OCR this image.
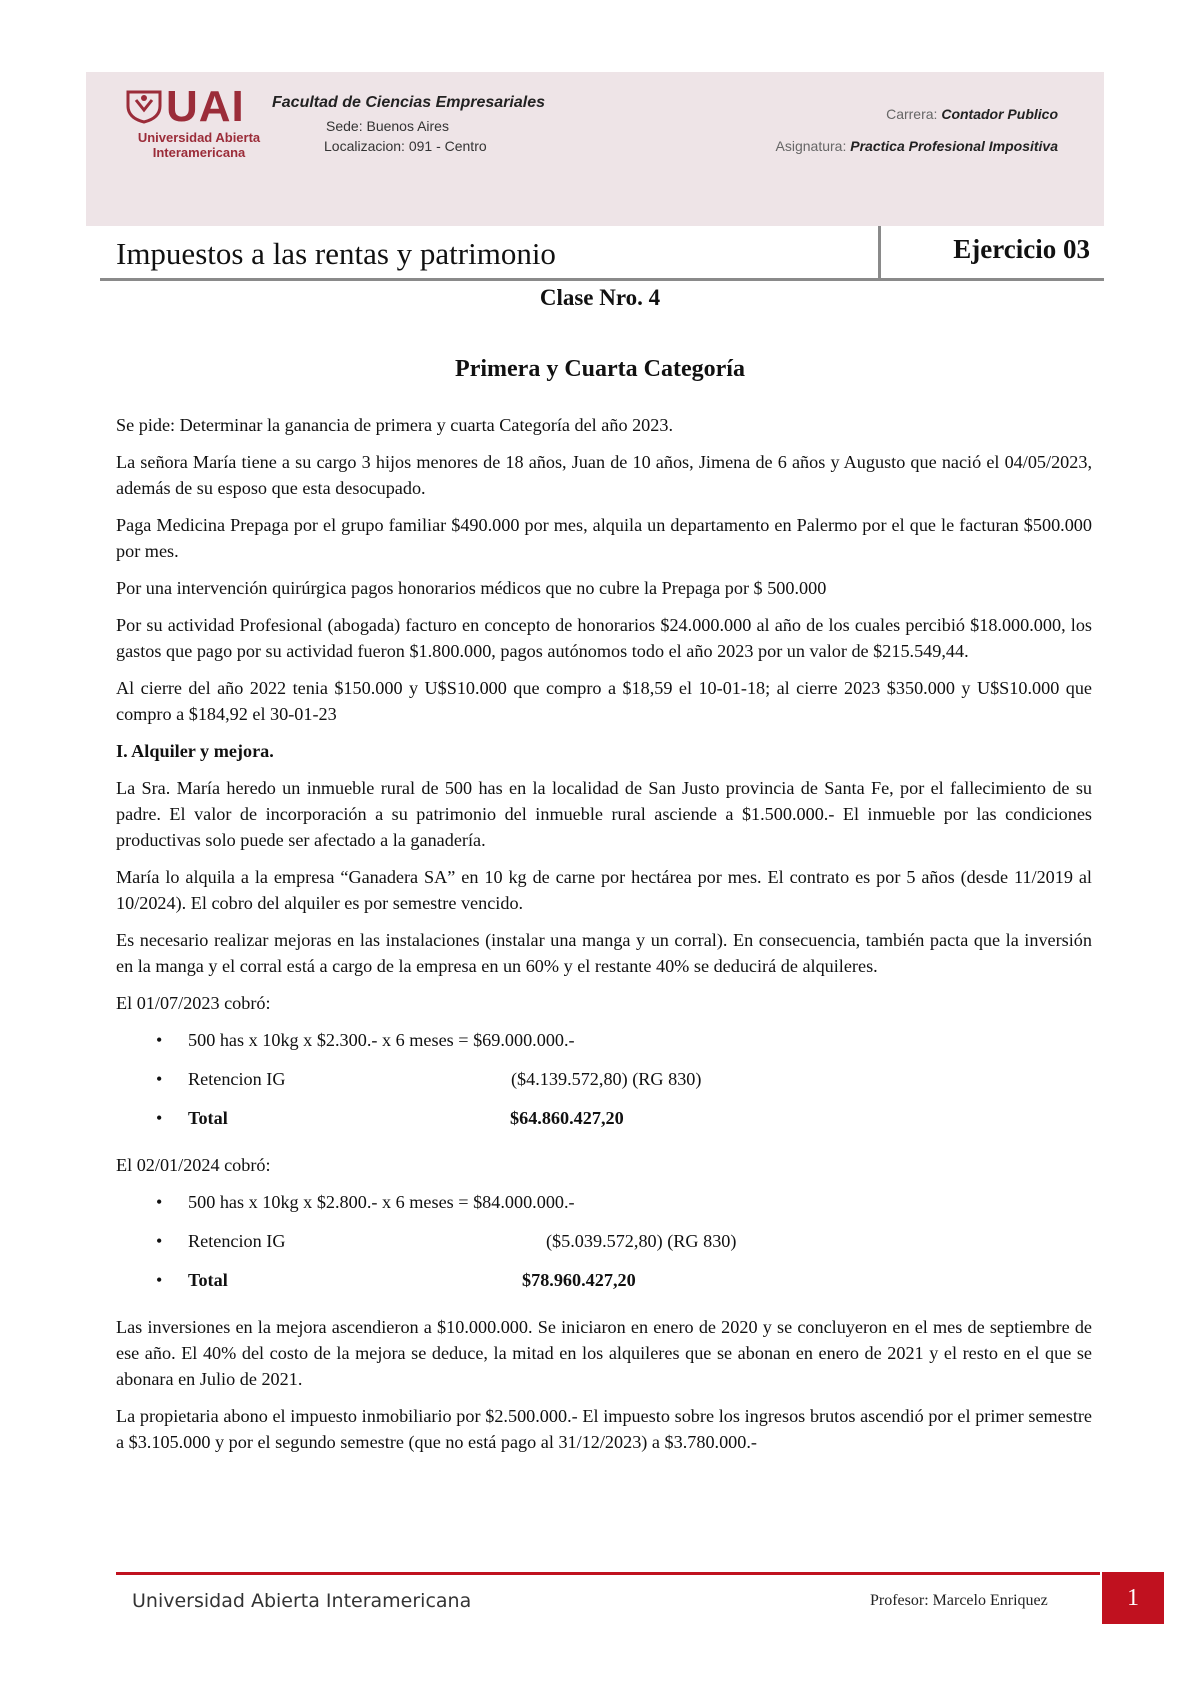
UAI
Universidad Abierta
Interamericana
Facultad de Ciencias Empresariales
Sede: Buenos Aires
Localizacion: 091 - Centro
Carrera: Contador Publico
Asignatura: Practica Profesional Impositiva
Impuestos a las rentas y patrimonio	Ejercicio 03
Clase Nro. 4
Primera y Cuarta Categoría

Se pide: Determinar la ganancia de primera y cuarta Categoría del año 2023.

La señora María tiene a su cargo 3 hijos menores de 18 años, Juan de 10 años, Jimena de 6 años y Augusto que nació el 04/05/2023, además de su esposo que esta desocupado.

Paga Medicina Prepaga por el grupo familiar $490.000 por mes, alquila un departamento en Palermo por el que le facturan $500.000 por mes.

Por una intervención quirúrgica pagos honorarios médicos que no cubre la Prepaga por $ 500.000

Por su actividad Profesional (abogada) facturo en concepto de honorarios $24.000.000 al año de los cuales percibió $18.000.000, los gastos que pago por su actividad fueron $1.800.000, pagos autónomos todo el año 2023 por un valor de $215.549,44.

Al cierre del año 2022 tenia $150.000 y U$S10.000 que compro a $18,59 el 10-01-18; al cierre 2023 $350.000 y U$S10.000 que compro a $184,92 el 30-01-23

I. Alquiler y mejora.

La Sra. María heredo un inmueble rural de 500 has en la localidad de San Justo provincia de Santa Fe, por el fallecimiento de su padre. El valor de incorporación a su patrimonio del inmueble rural asciende a $1.500.000.- El inmueble por las condiciones productivas solo puede ser afectado a la ganadería.

María lo alquila a la empresa “Ganadera SA” en 10 kg de carne por hectárea por mes. El contrato es por 5 años (desde 11/2019 al 10/2024). El cobro del alquiler es por semestre vencido.

Es necesario realizar mejoras en las instalaciones (instalar una manga y un corral). En consecuencia, también pacta que la inversión en la manga y el corral está a cargo de la empresa en un 60% y el restante 40% se deducirá de alquileres.

El 01/07/2023 cobró:

• 500 has x 10kg x $2.300.- x 6 meses = $69.000.000.-
• Retencion IG	($4.139.572,80) (RG 830)
• Total	$64.860.427,20

El 02/01/2024 cobró:

• 500 has x 10kg x $2.800.- x 6 meses = $84.000.000.-
• Retencion IG	($5.039.572,80) (RG 830)
• Total	$78.960.427,20

Las inversiones en la mejora ascendieron a $10.000.000. Se iniciaron en enero de 2020 y se concluyeron en el mes de septiembre de ese año. El 40% del costo de la mejora se deduce, la mitad en los alquileres que se abonan en enero de 2021 y el resto en el que se abonara en Julio de 2021.

La propietaria abono el impuesto inmobiliario por $2.500.000.- El impuesto sobre los ingresos brutos ascendió por el primer semestre a $3.105.000 y por el segundo semestre (que no está pago al 31/12/2023) a $3.780.000.-

Universidad Abierta Interamericana	Profesor: Marcelo Enriquez	1
